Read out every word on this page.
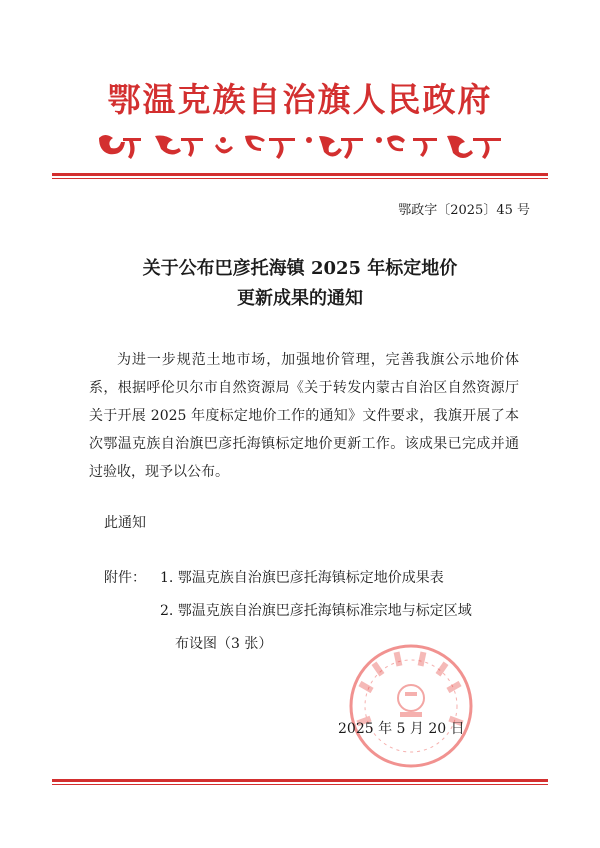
鄂温克族自治旗人民政府
鄂政字〔2025〕45 号
关于公布巴彦托海镇 2025 年标定地价
更新成果的通知
为进一步规范土地市场，加强地价管理，完善我旗公示地价体系，根据呼伦贝尔市自然资源局《关于转发内蒙古自治区自然资源厅关于开展 2025 年度标定地价工作的通知》文件要求，我旗开展了本次鄂温克族自治旗巴彦托海镇标定地价更新工作。该成果已完成并通过验收，现予以公布。
此通知
附件： 1. 鄂温克族自治旗巴彦托海镇标定地价成果表
2. 鄂温克族自治旗巴彦托海镇标准宗地与标定区域
布设图（3 张）
2025 年 5 月 20 日
